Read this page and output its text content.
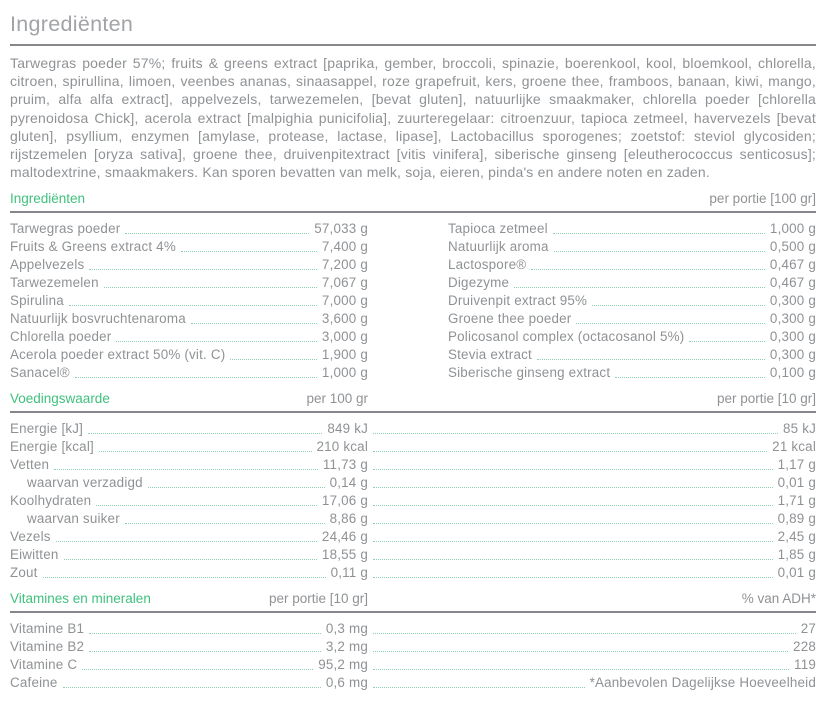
Ingrediënten

Tarwegras poeder 57%; fruits & greens extract [paprika, gember, broccoli, spinazie, boerenkool, kool, bloemkool, chlorella, citroen, spirullina, limoen, veenbes ananas, sinaasappel, roze grapefruit, kers, groene thee, framboos, banaan, kiwi, mango, pruim, alfa alfa extract], appelvezels, tarwezemelen, [bevat gluten], natuurlijke smaakmaker, chlorella poeder [chlorella pyrenoidosa Chick], acerola extract [malpighia punicifolia], zuurteregelaar: citroenzuur, tapioca zetmeel, havervezels [bevat gluten], psyllium, enzymen [amylase, protease, lactase, lipase], Lactobacillus sporogenes; zoetstof: steviol glycosiden; rijstzemelen [oryza sativa], groene thee, druivenpitextract [vitis vinifera], siberische ginseng [eleutherococcus senticosus]; maltodextrine, smaakmakers. Kan sporen bevatten van melk, soja, eieren, pinda's en andere noten en zaden.

Ingrediënten	per portie [100 gr]
Tarwegras poeder	57,033 g
Fruits & Greens extract 4%	7,400 g
Appelvezels	7,200 g
Tarwezemelen	7,067 g
Spirulina	7,000 g
Natuurlijk bosvruchtenaroma	3,600 g
Chlorella poeder	3,000 g
Acerola poeder extract 50% (vit. C)	1,900 g
Sanacel®	1,000 g
Tapioca zetmeel	1,000 g
Natuurlijk aroma	0,500 g
Lactospore®	0,467 g
Digezyme	0,467 g
Druivenpit extract 95%	0,300 g
Groene thee poeder	0,300 g
Policosanol complex (octacosanol 5%)	0,300 g
Stevia extract	0,300 g
Siberische ginseng extract	0,100 g
Voedingswaarde	per 100 gr	per portie [10 gr]
Energie [kJ]	849 kJ	85 kJ
Energie [kcal]	210 kcal	21 kcal
Vetten	11,73 g	1,17 g
waarvan verzadigd	0,14 g	0,01 g
Koolhydraten	17,06 g	1,71 g
waarvan suiker	8,86 g	0,89 g
Vezels	24,46 g	2,45 g
Eiwitten	18,55 g	1,85 g
Zout	0,11 g	0,01 g
Vitamines en mineralen	per portie [10 gr]	% van ADH*
Vitamine B1	0,3 mg	27
Vitamine B2	3,2 mg	228
Vitamine C	95,2 mg	119
Cafeine	0,6 mg	*Aanbevolen Dagelijkse Hoeveelheid
